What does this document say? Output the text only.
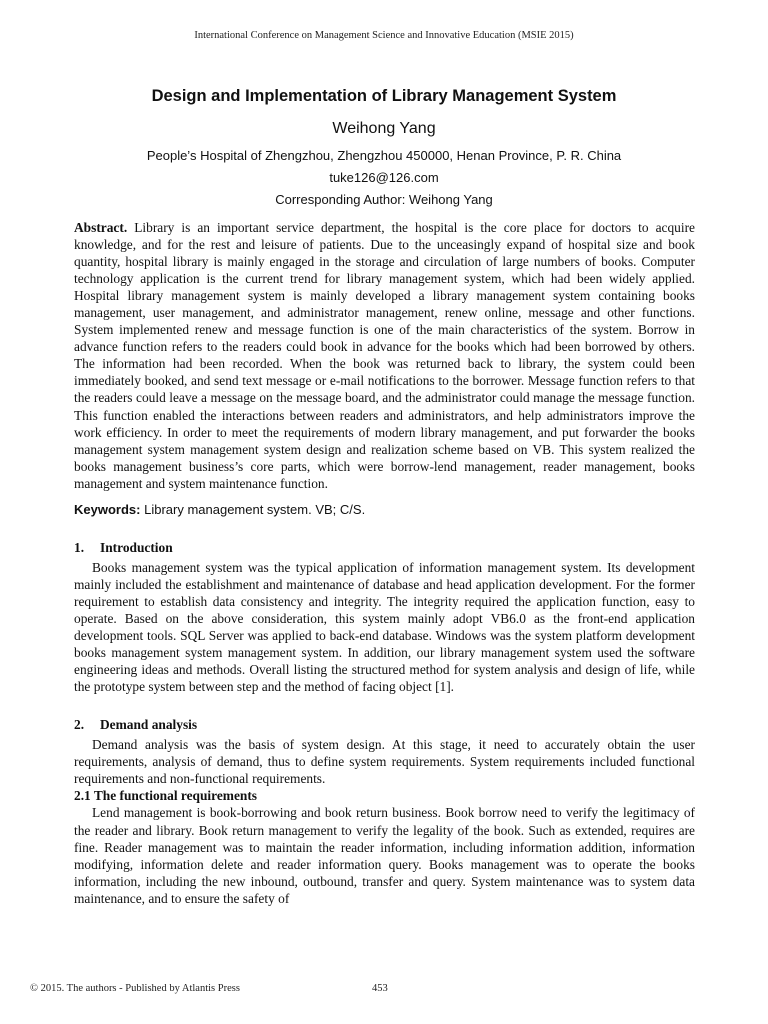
International Conference on Management Science and Innovative Education (MSIE 2015)
Design and Implementation of Library Management System
Weihong Yang
People’s Hospital of Zhengzhou, Zhengzhou 450000, Henan Province, P. R. China
tuke126@126.com
Corresponding Author: Weihong Yang

Abstract. Library is an important service department, the hospital is the core place for doctors to acquire knowledge, and for the rest and leisure of patients. Due to the unceasingly expand of hospital size and book quantity, hospital library is mainly engaged in the storage and circulation of large numbers of books. Computer technology application is the current trend for library management system, which had been widely applied. Hospital library management system is mainly developed a library management system containing books management, user management, and administrator management, renew online, message and other functions. System implemented renew and message function is one of the main characteristics of the system. Borrow in advance function refers to the readers could book in advance for the books which had been borrowed by others. The information had been recorded. When the book was returned back to library, the system could been immediately booked, and send text message or e-mail notifications to the borrower. Message function refers to that the readers could leave a message on the message board, and the administrator could manage the message function. This function enabled the interactions between readers and administrators, and help administrators improve the work efficiency. In order to meet the requirements of modern library management, and put forwarder the books management system management system design and realization scheme based on VB. This system realized the books management business’s core parts, which were borrow-lend management, reader management, books management and system maintenance function.

Keywords: Library management system. VB; C/S.

1. Introduction

Books management system was the typical application of information management system. Its development mainly included the establishment and maintenance of database and head application development. For the former requirement to establish data consistency and integrity. The integrity required the application function, easy to operate. Based on the above consideration, this system mainly adopt VB6.0 as the front-end application development tools. SQL Server was applied to back-end database. Windows was the system platform development books management system management system. In addition, our library management system used the software engineering ideas and methods. Overall listing the structured method for system analysis and design of life, while the prototype system between step and the method of facing object [1].

2. Demand analysis

Demand analysis was the basis of system design. At this stage, it need to accurately obtain the user requirements, analysis of demand, thus to define system requirements. System requirements included functional requirements and non-functional requirements.

2.1 The functional requirements

Lend management is book-borrowing and book return business. Book borrow need to verify the legitimacy of the reader and library. Book return management to verify the legality of the book. Such as extended, requires are fine. Reader management was to maintain the reader information, including information addition, information modifying, information delete and reader information query. Books management was to operate the books information, including the new inbound, outbound, transfer and query. System maintenance was to system data maintenance, and to ensure the safety of

© 2015. The authors - Published by Atlantis Press	453
